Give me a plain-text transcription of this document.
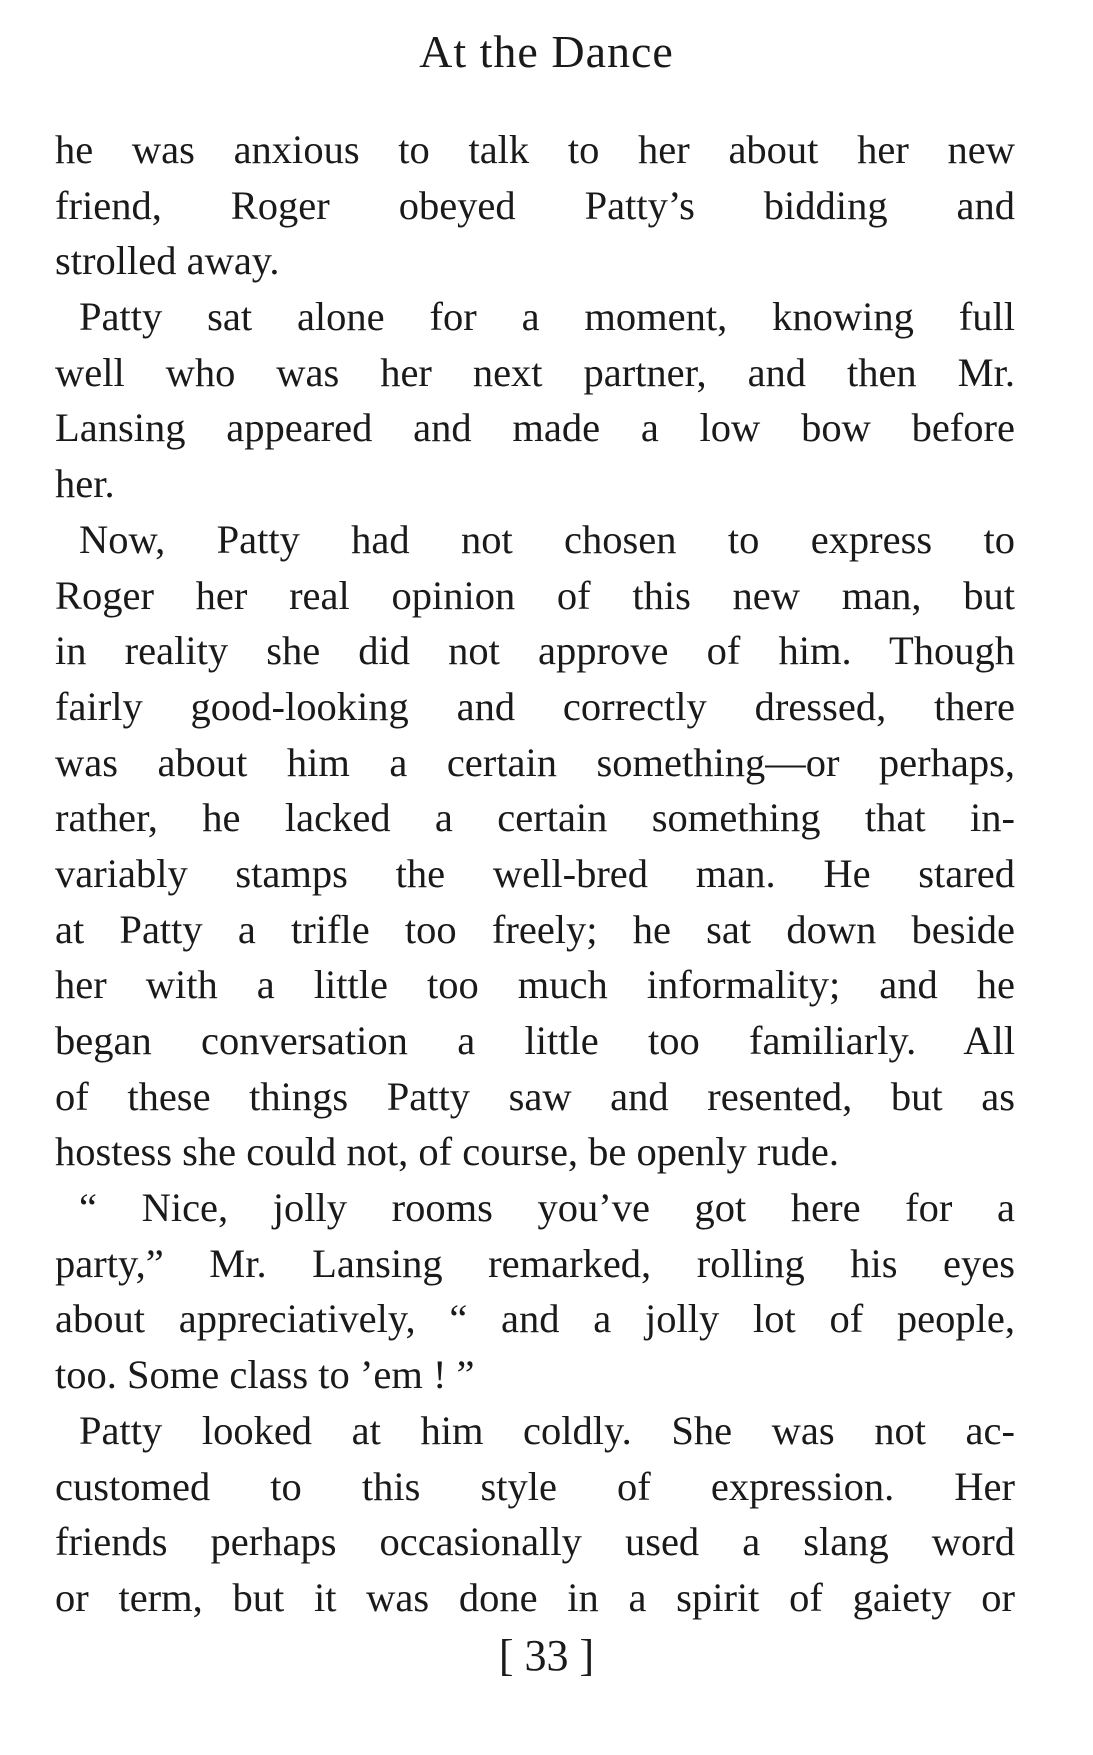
At the Dance
he was anxious to talk to her about her new
friend, Roger obeyed Patty’s bidding and
strolled away.
Patty sat alone for a moment, knowing full
well who was her next partner, and then Mr.
Lansing appeared and made a low bow before
her.
Now, Patty had not chosen to express to
Roger her real opinion of this new man, but
in reality she did not approve of him. Though
fairly good-looking and correctly dressed, there
was about him a certain something—or perhaps,
rather, he lacked a certain something that in-
variably stamps the well-bred man. He stared
at Patty a trifle too freely; he sat down beside
her with a little too much informality; and he
began conversation a little too familiarly. All
of these things Patty saw and resented, but as
hostess she could not, of course, be openly rude.
“ Nice, jolly rooms you’ve got here for a
party,” Mr. Lansing remarked, rolling his eyes
about appreciatively, “ and a jolly lot of people,
too. Some class to ’em ! ”
Patty looked at him coldly. She was not ac-
customed to this style of expression. Her
friends perhaps occasionally used a slang word
or term, but it was done in a spirit of gaiety or
[ 33 ]
